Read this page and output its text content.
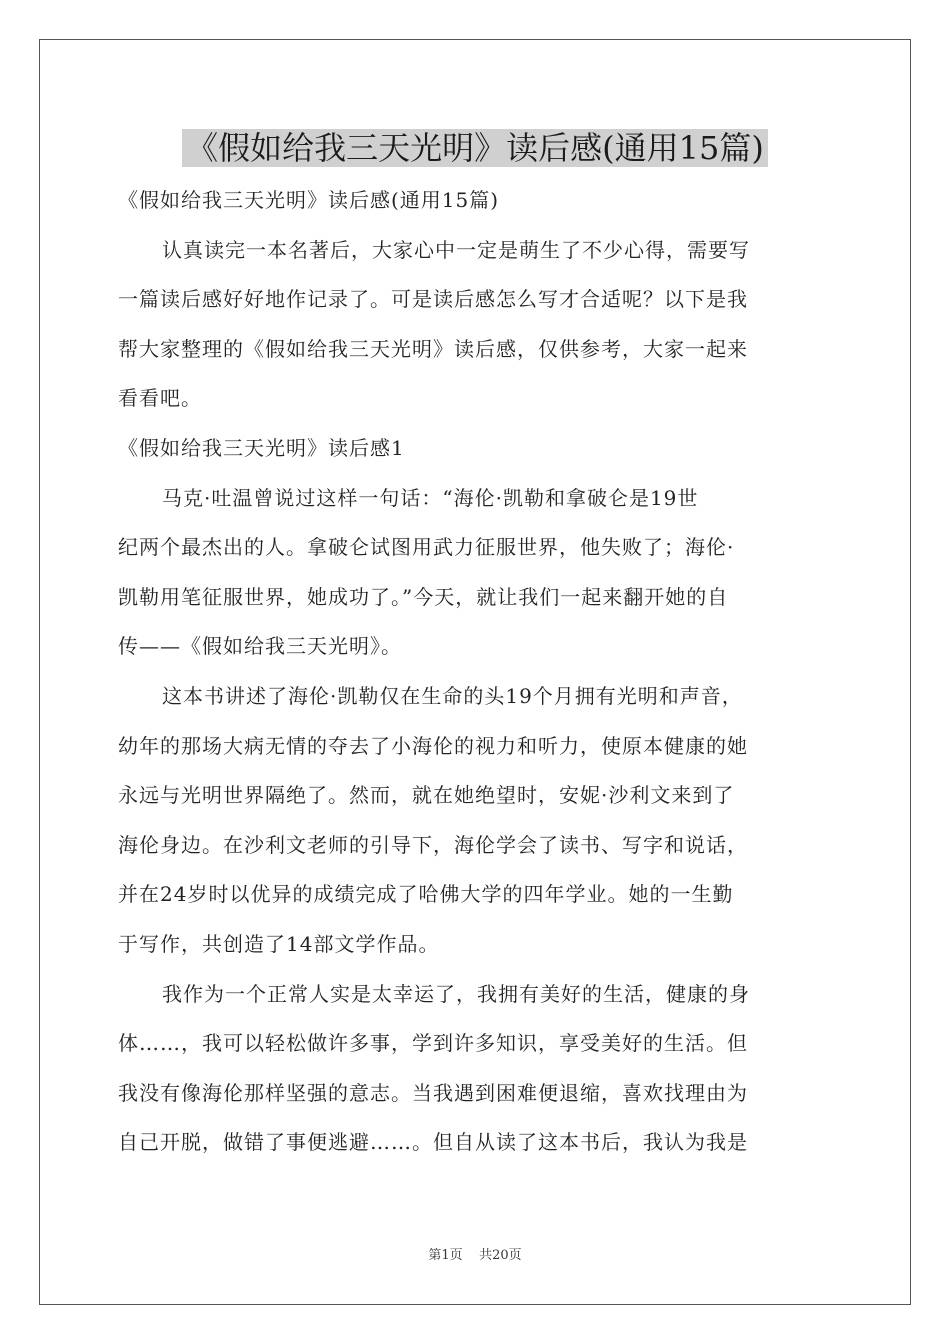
《假如给我三天光明》读后感(通用15篇)

《假如给我三天光明》读后感(通用15篇)

认真读完一本名著后，大家心中一定是萌生了不少心得，需要写

一篇读后感好好地作记录了。可是读后感怎么写才合适呢？以下是我

帮大家整理的《假如给我三天光明》读后感，仅供参考，大家一起来

看看吧。

《假如给我三天光明》读后感1

马克·吐温曾说过这样一句话：“海伦·凯勒和拿破仑是19世

纪两个最杰出的人。拿破仑试图用武力征服世界，他失败了；海伦·

凯勒用笔征服世界，她成功了。”今天，就让我们一起来翻开她的自

传——《假如给我三天光明》。

这本书讲述了海伦·凯勒仅在生命的头19个月拥有光明和声音，

幼年的那场大病无情的夺去了小海伦的视力和听力，使原本健康的她

永远与光明世界隔绝了。然而，就在她绝望时，安妮·沙利文来到了

海伦身边。在沙利文老师的引导下，海伦学会了读书、写字和说话，

并在24岁时以优异的成绩完成了哈佛大学的四年学业。她的一生勤

于写作，共创造了14部文学作品。

我作为一个正常人实是太幸运了，我拥有美好的生活，健康的身

体……，我可以轻松做许多事，学到许多知识，享受美好的生活。但

我没有像海伦那样坚强的意志。当我遇到困难便退缩，喜欢找理由为

自己开脱，做错了事便逃避……。但自从读了这本书后，我认为我是

第1页    共20页
